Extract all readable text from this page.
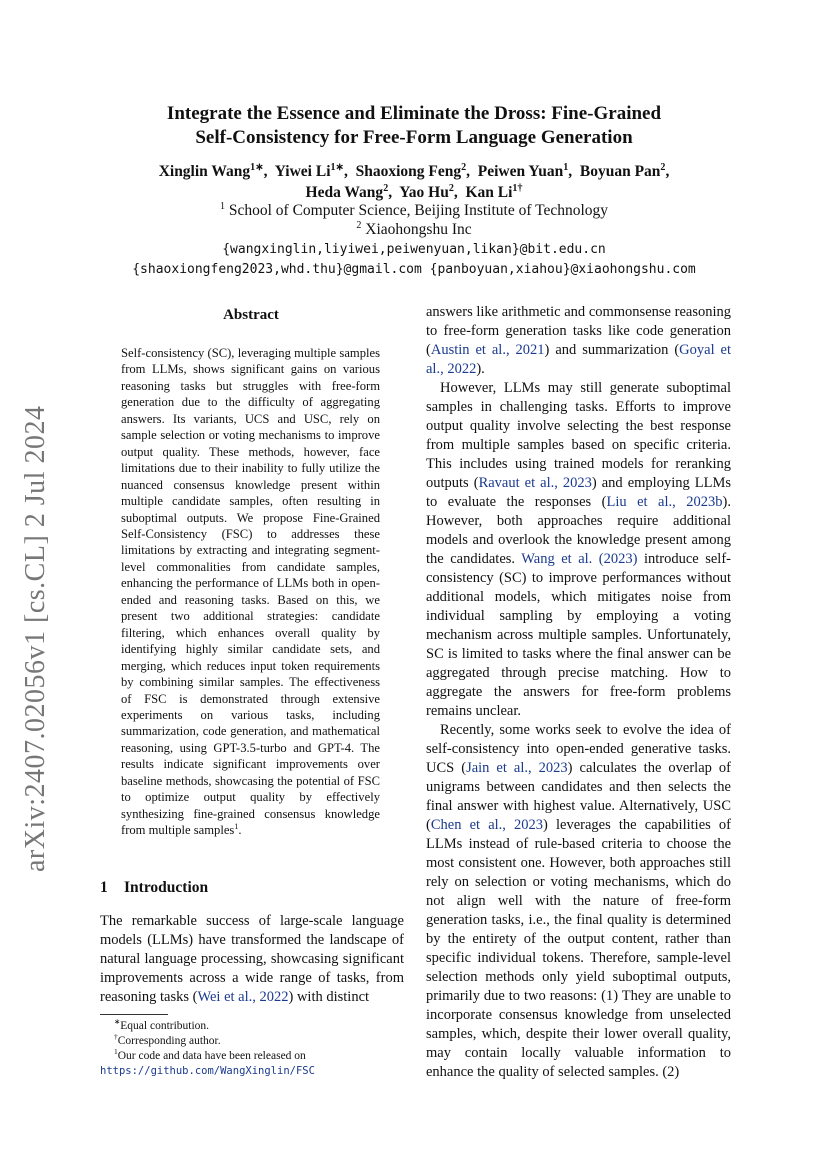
arXiv:2407.02056v1 [cs.CL] 2 Jul 2024
Integrate the Essence and Eliminate the Dross: Fine-Grained
Self-Consistency for Free-Form Language Generation
Xinglin Wang$^{1∗}$,  Yiwei $Li^{1∗}$,  Shaoxiong Feng$^2$,  Peiwen Yuan$^1$,  Boyuan Pan$^2$,
Heda Wang$^2$,  Yao Hu$^2$,  Kan $Li^{1\dagger}$
$^1$ School of Computer Science, Beijing Institute of Technology
$^2$ Xiaohongshu Inc
{wangxinglin,liyiwei,peiwenyuan,likan}@bit.edu.cn
{shaoxiongfeng2023,whd.thu}@gmail.com {panboyuan,xiahou}@xiaohongshu.com
Abstract
Self-consistency (SC), leveraging multiple samples from LLMs, shows significant gains on various reasoning tasks but struggles with free-form generation due to the difficulty of aggregating answers. Its variants, UCS and USC, rely on sample selection or voting mechanisms to improve output quality. These methods, however, face limitations due to their inability to fully utilize the nuanced consensus knowledge present within multiple candidate samples, often resulting in suboptimal outputs. We propose Fine-Grained Self-Consistency (FSC) to addresses these limitations by extracting and integrating segment-level commonalities from candidate samples, enhancing the performance of LLMs both in open-ended and reasoning tasks. Based on this, we present two additional strategies: candidate filtering, which enhances overall quality by identifying highly similar candidate sets, and merging, which reduces input token requirements by combining similar samples. The effectiveness of FSC is demonstrated through extensive experiments on various tasks, including summarization, code generation, and mathematical reasoning, using GPT-3.5-turbo and GPT-4. The results indicate significant improvements over baseline methods, showcasing the potential of FSC to optimize output quality by effectively synthesizing fine-grained consensus knowledge from multiple samples$^1$.
1 Introduction
The remarkable success of large-scale language models (LLMs) have transformed the landscape of natural language processing, showcasing significant improvements across a wide range of tasks, from reasoning tasks (Wei et al., 2022) with distinct
∗Equal contribution.
†Corresponding author.
$^1$Our code and data have been released on https://github.com/WangXinglin/FSC

answers like arithmetic and commonsense reasoning to free-form generation tasks like code generation (Austin et al., 2021) and summarization (Goyal et al., 2022).

However, LLMs may still generate suboptimal samples in challenging tasks. Efforts to improve output quality involve selecting the best response from multiple samples based on specific criteria. This includes using trained models for reranking outputs (Ravaut et al., 2023) and employing LLMs to evaluate the responses (Liu et al., 2023b). However, both approaches require additional models and overlook the knowledge present among the candidates. Wang et al. (2023) introduce self-consistency (SC) to improve performances without additional models, which mitigates noise from individual sampling by employing a voting mechanism across multiple samples. Unfortunately, SC is limited to tasks where the final answer can be aggregated through precise matching. How to aggregate the answers for free-form problems remains unclear.

Recently, some works seek to evolve the idea of self-consistency into open-ended generative tasks. UCS (Jain et al., 2023) calculates the overlap of unigrams between candidates and then selects the final answer with highest value. Alternatively, USC (Chen et al., 2023) leverages the capabilities of LLMs instead of rule-based criteria to choose the most consistent one. However, both approaches still rely on selection or voting mechanisms, which do not align well with the nature of free-form generation tasks, i.e., the final quality is determined by the entirety of the output content, rather than specific individual tokens. Therefore, sample-level selection methods only yield suboptimal outputs, primarily due to two reasons: (1) They are unable to incorporate consensus knowledge from unselected samples, which, despite their lower overall quality, may contain locally valuable information to enhance the quality of selected samples. (2)
